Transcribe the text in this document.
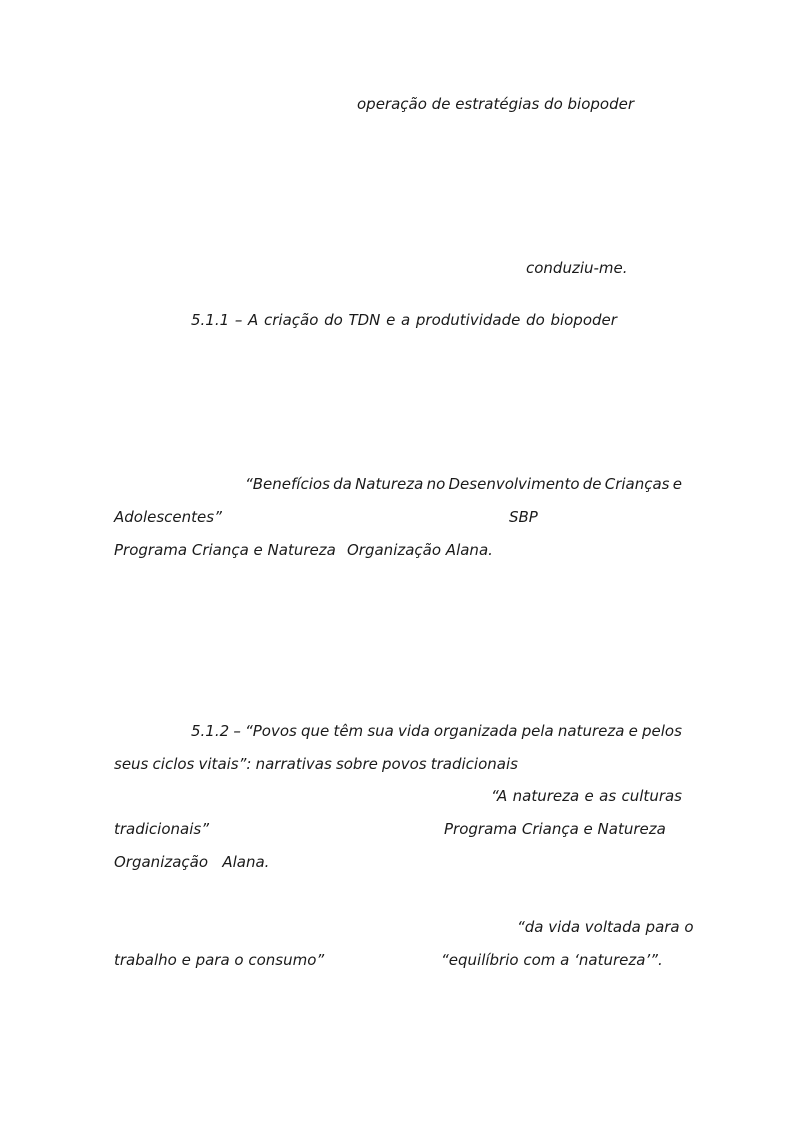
operação de estratégias do biopoder
conduziu-me.
5.1.1 – A criação do TDN e a produtividade do biopoder
“Benefícios da Natureza no Desenvolvimento de Crianças e
Adolescentes”	SBP
Programa Criança e Natureza Organização Alana.
5.1.2 – “Povos que têm sua vida organizada pela natureza e pelos
seus ciclos vitais”: narrativas sobre povos tradicionais
“A natureza e as culturas
tradicionais”	Programa Criança e Natureza
Organização   Alana.
“da vida voltada para o
trabalho e para o consumo”	“equilíbrio com a ‘natureza’”.
